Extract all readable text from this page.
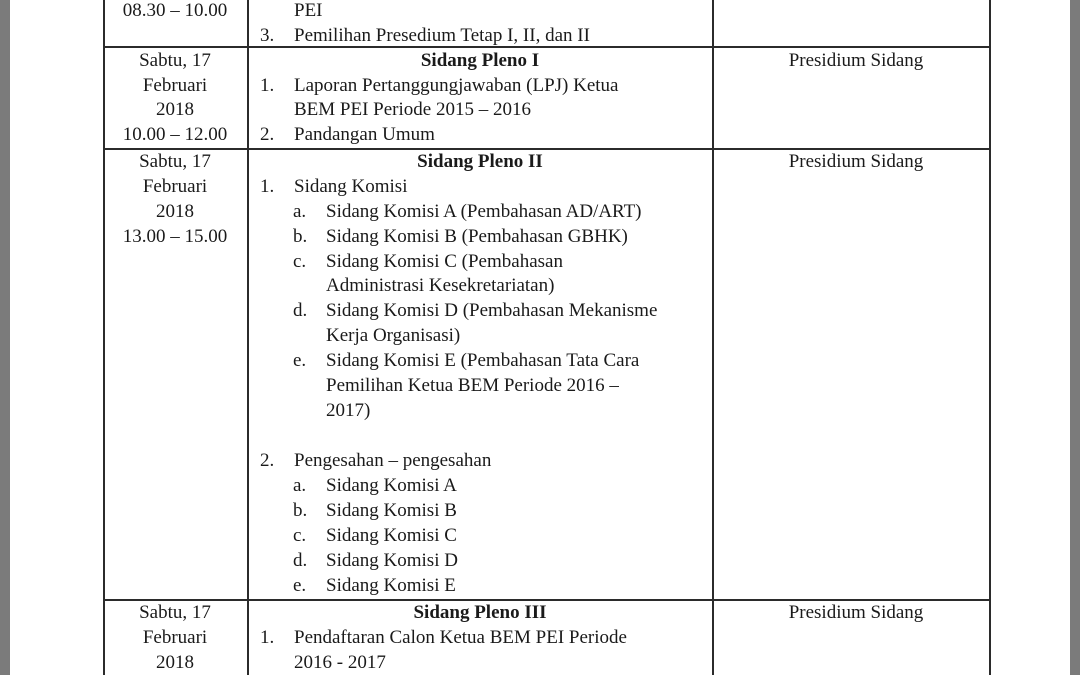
08.30 – 10.00	PEI
3. Pemilihan Presedium Tetap I, II, dan II
Sabtu, 17
Februari
2018
10.00 – 12.00
Sidang Pleno I
1. Laporan Pertanggungjawaban (LPJ) Ketua
BEM PEI Periode 2015 – 2016
2. Pandangan Umum
Presidium Sidang
Sabtu, 17
Februari
2018
13.00 – 15.00
Sidang Pleno II
1. Sidang Komisi
a. Sidang Komisi A (Pembahasan AD/ART)
b. Sidang Komisi B (Pembahasan GBHK)
c. Sidang Komisi C (Pembahasan
Administrasi Kesekretariatan)
d. Sidang Komisi D (Pembahasan Mekanisme
Kerja Organisasi)
e. Sidang Komisi E (Pembahasan Tata Cara
Pemilihan Ketua BEM Periode 2016 –
2017)
2. Pengesahan – pengesahan
a. Sidang Komisi A
b. Sidang Komisi B
c. Sidang Komisi C
d. Sidang Komisi D
e. Sidang Komisi E
Presidium Sidang
Sabtu, 17
Februari
2018
Sidang Pleno III
1. Pendaftaran Calon Ketua BEM PEI Periode
2016 - 2017
Presidium Sidang
